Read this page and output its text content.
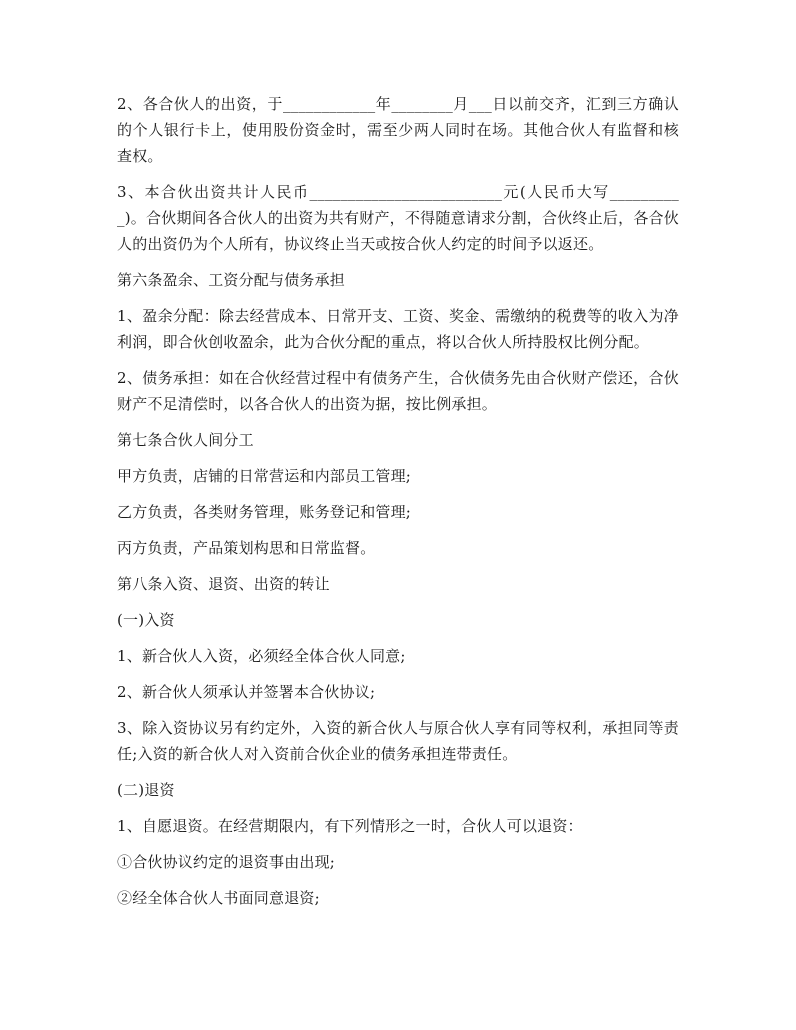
2、各合伙人的出资，于____________年________月___日以前交齐，汇到三方确认的个人银行卡上，使用股份资金时，需至少两人同时在场。其他合伙人有监督和核查权。

3、本合伙出资共计人民币_________________________元(人民币大写__________)。合伙期间各合伙人的出资为共有财产，不得随意请求分割，合伙终止后，各合伙人的出资仍为个人所有，协议终止当天或按合伙人约定的时间予以返还。

第六条盈余、工资分配与债务承担

1、盈余分配：除去经营成本、日常开支、工资、奖金、需缴纳的税费等的收入为净利润，即合伙创收盈余，此为合伙分配的重点，将以合伙人所持股权比例分配。

2、债务承担：如在合伙经营过程中有债务产生，合伙债务先由合伙财产偿还，合伙财产不足清偿时，以各合伙人的出资为据，按比例承担。

第七条合伙人间分工

甲方负责，店铺的日常营运和内部员工管理;

乙方负责，各类财务管理，账务登记和管理;

丙方负责，产品策划构思和日常监督。

第八条入资、退资、出资的转让

(一)入资

1、新合伙人入资，必须经全体合伙人同意;

2、新合伙人须承认并签署本合伙协议;

3、除入资协议另有约定外，入资的新合伙人与原合伙人享有同等权利，承担同等责任;入资的新合伙人对入资前合伙企业的债务承担连带责任。

(二)退资

1、自愿退资。在经营期限内，有下列情形之一时，合伙人可以退资：

①合伙协议约定的退资事由出现;

②经全体合伙人书面同意退资;
